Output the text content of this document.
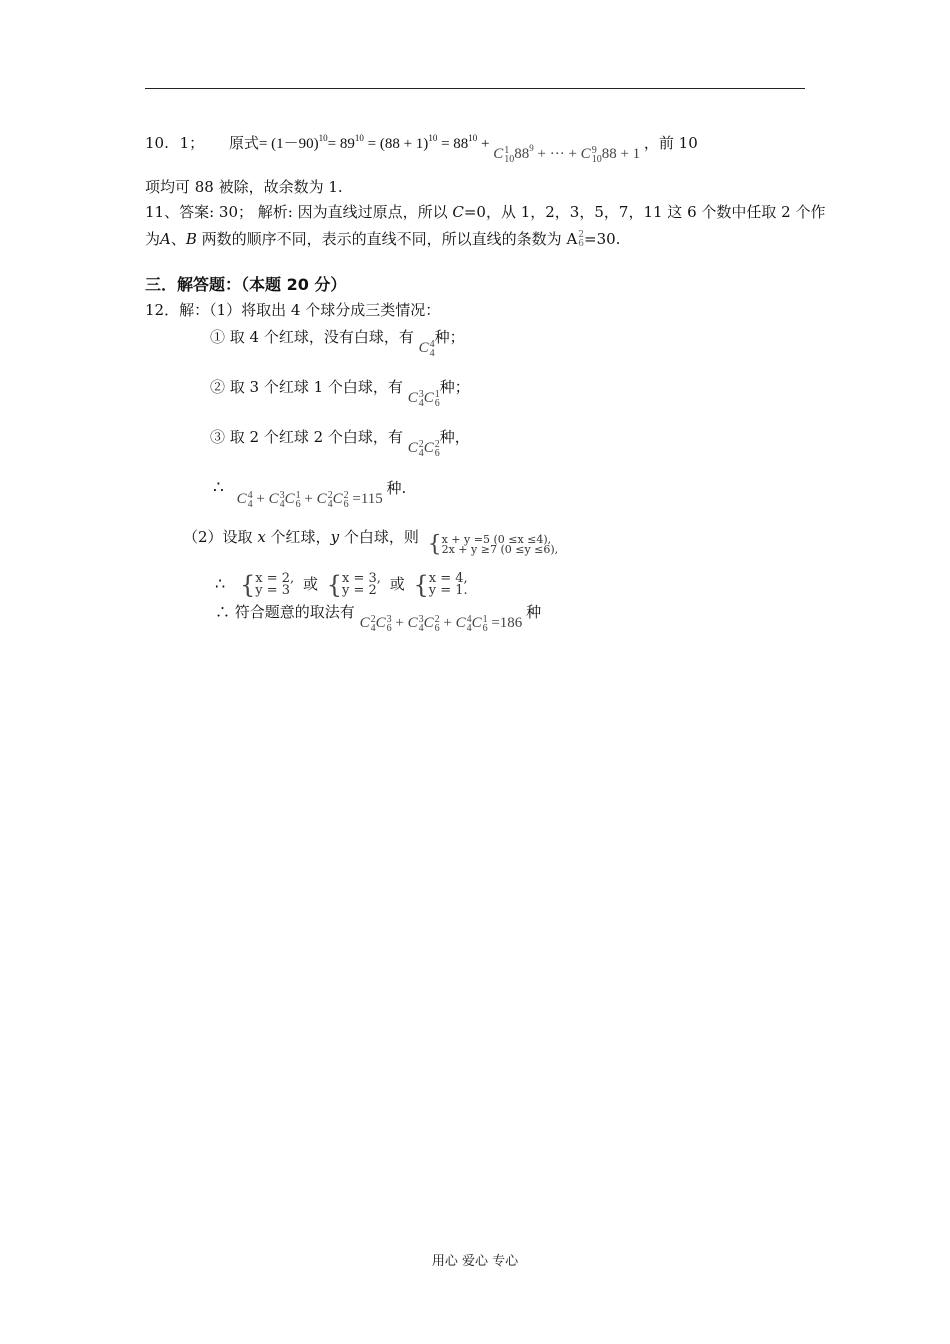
10. 1； 原式= $(1-90)^{10}= 89^{10} = (88 + 1)^{10} = 88^{10} + C$ 1
10 $88^9$ + ··· + C 9
10 88 + 1 ，前 10
项均可 88 被除，故余数为 1.
11、答案: 30； 解析: 因为直线过原点，所以 C=0，从 1，2，3，5，7，11 这 6 个数中任取 2 个作
为A、B 两数的顺序不同，表示的直线不同，所以直线的条数为 A 2
6 =30.
三．解答题：（本题 20 分）
12．解：（1）将取出 4 个球分成三类情况：
① 取 4 个红球，没有白球，有 C 4
4
种；
② 取 3 个红球 1 个白球，有 C 3
4 C 1
6
种；
③ 取 2 个红球 2 个白球，有 C 2
4 C 2
6
种，
∴ C 4
4 + C 3
4 C 1
6 + C 2
4 C 2
6 =115 种.
（2）设取 x 个红球，y 个白球，则 { x + y =5 (0 ≤x ≤4),
2x + y ≥7 (0 ≤y ≤6),
∴ { x = 2,
y = 3 或 { x = 3,
y = 2 或 { x = 4,
y = 1.
∴ 符合题意的取法有 C 2
4 C 3
6 + C 3
4 C 2
6 + C 4
4 C 1
6 =186 种
用心 爱心 专心
